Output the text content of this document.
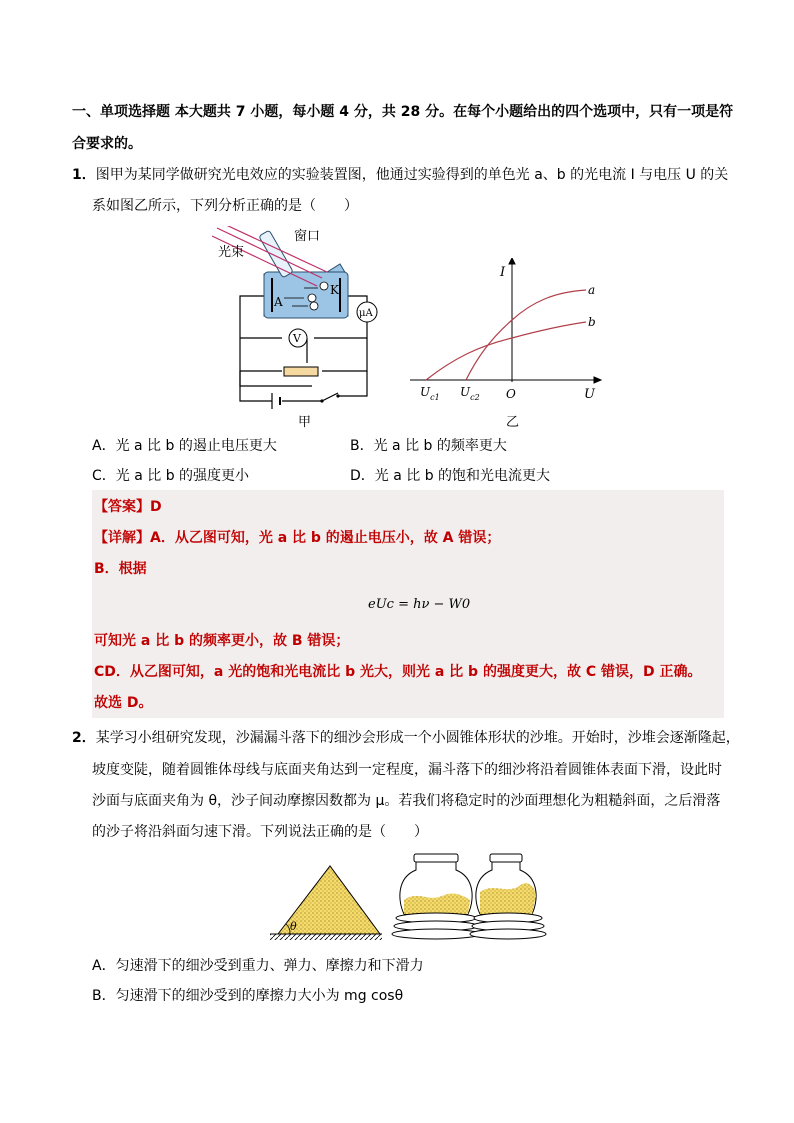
一、单项选择题 本大题共 7 小题，每小题 4 分，共 28 分。在每个小题给出的四个选项中，只有一项是符
合要求的。
1．图甲为某同学做研究光电效应的实验装置图，他通过实验得到的单色光 a、b 的光电流 I 与电压 U 的关
系如图乙所示，下列分析正确的是（　　）
光束
窗口
A
K
μA
V
甲
I
U
O
$U_{c1}$ $U_{c2}$
a
b
乙
A．光 a 比 b 的遏止电压更大	B．光 a 比 b 的频率更大
C．光 a 比 b 的强度更小	D．光 a 比 b 的饱和光电流更大
【答案】D
【详解】A．从乙图可知，光 a 比 b 的遏止电压小，故 A 错误；
B．根据
eUc = hν − W0
可知光 a 比 b 的频率更小，故 B 错误；
CD．从乙图可知，a 光的饱和光电流比 b 光大，则光 a 比 b 的强度更大，故 C 错误，D 正确。
故选 D。
2．某学习小组研究发现，沙漏漏斗落下的细沙会形成一个小圆锥体形状的沙堆。开始时，沙堆会逐渐隆起，
坡度变陡，随着圆锥体母线与底面夹角达到一定程度，漏斗落下的细沙将沿着圆锥体表面下滑，设此时
沙面与底面夹角为 θ，沙子间动摩擦因数都为 μ。若我们将稳定时的沙面理想化为粗糙斜面，之后滑落
的沙子将沿斜面匀速下滑。下列说法正确的是（　　）
θ
A．匀速滑下的细沙受到重力、弹力、摩擦力和下滑力
B．匀速滑下的细沙受到的摩擦力大小为 mg cosθ
